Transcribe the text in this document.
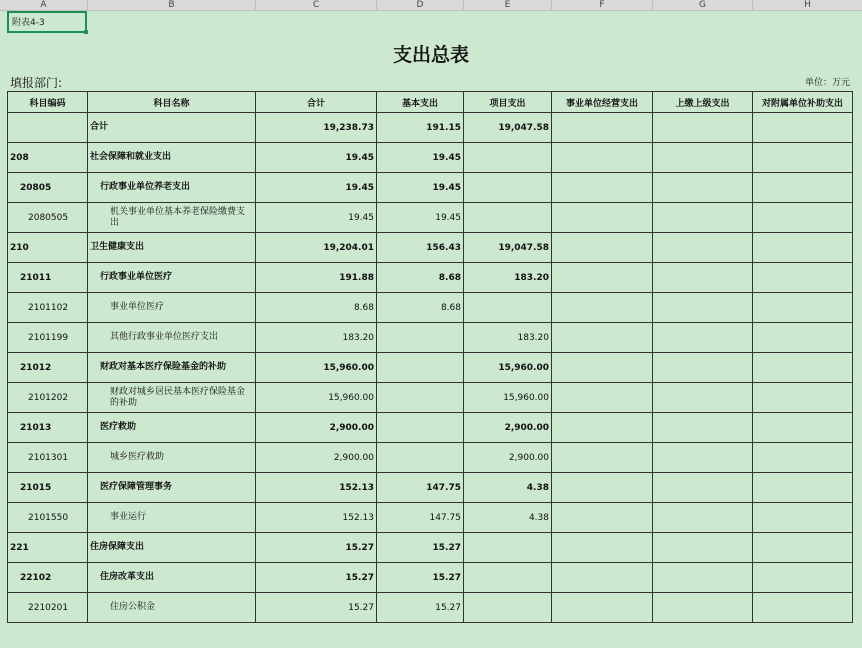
A	B	C	D	E	F	G	H
附表4-3
支出总表
填报部门:	单位：万元
科目编码	科目名称	合计	基本支出	项目支出	事业单位经营支出	上缴上级支出	对附属单位补助支出
	合计	19,238.73	191.15	19,047.58			
208	社会保障和就业支出	19.45	19.45				
20805	行政事业单位养老支出	19.45	19.45				
2080505	机关事业单位基本养老保险缴费支出	19.45	19.45				
210	卫生健康支出	19,204.01	156.43	19,047.58			
21011	行政事业单位医疗	191.88	8.68	183.20			
2101102	事业单位医疗	8.68	8.68				
2101199	其他行政事业单位医疗支出	183.20		183.20			
21012	财政对基本医疗保险基金的补助	15,960.00		15,960.00			
2101202	财政对城乡居民基本医疗保险基金的补助	15,960.00		15,960.00			
21013	医疗救助	2,900.00		2,900.00			
2101301	城乡医疗救助	2,900.00		2,900.00			
21015	医疗保障管理事务	152.13	147.75	4.38			
2101550	事业运行	152.13	147.75	4.38			
221	住房保障支出	15.27	15.27				
22102	住房改革支出	15.27	15.27				
2210201	住房公积金	15.27	15.27				
